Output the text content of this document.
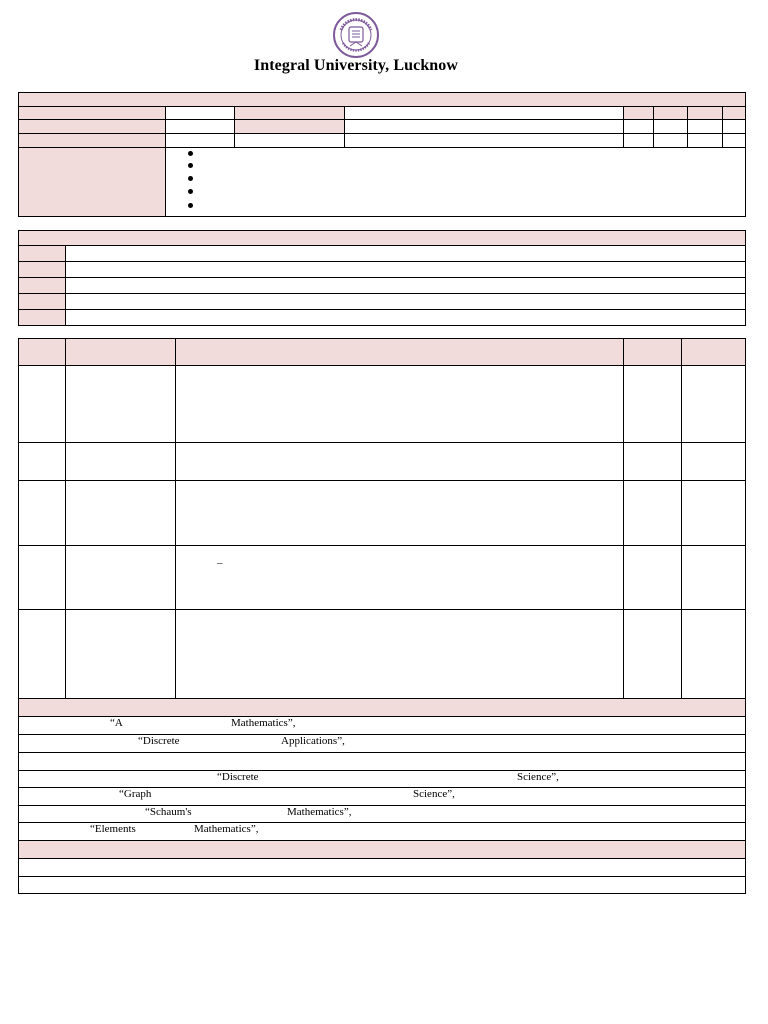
Integral University, Lucknow
–
“A	Mathematics”,
“Discrete	Applications”,
“Discrete	Science”,
“Graph	Science”,
“Schaum's	Mathematics”,
“Elements	Mathematics”,
